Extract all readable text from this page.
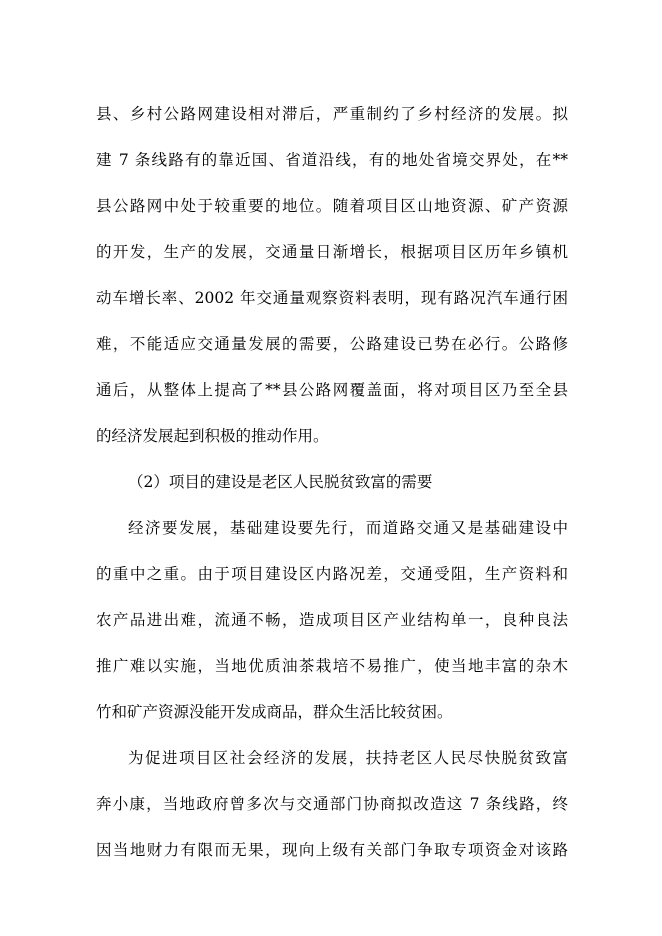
县、乡村公路网建设相对滞后，严重制约了乡村经济的发展。拟
建 7 条线路有的靠近国、省道沿线，有的地处省境交界处，在**
县公路网中处于较重要的地位。随着项目区山地资源、矿产资源
的开发，生产的发展，交通量日渐增长，根据项目区历年乡镇机
动车增长率、2002 年交通量观察资料表明，现有路况汽车通行困
难，不能适应交通量发展的需要，公路建设已势在必行。公路修
通后，从整体上提高了**县公路网覆盖面，将对项目区乃至全县
的经济发展起到积极的推动作用。
（2）项目的建设是老区人民脱贫致富的需要
经济要发展，基础建设要先行，而道路交通又是基础建设中
的重中之重。由于项目建设区内路况差，交通受阻，生产资料和
农产品进出难，流通不畅，造成项目区产业结构单一，良种良法
推广难以实施，当地优质油茶栽培不易推广，使当地丰富的杂木
竹和矿产资源没能开发成商品，群众生活比较贫困。
为促进项目区社会经济的发展，扶持老区人民尽快脱贫致富
奔小康，当地政府曾多次与交通部门协商拟改造这 7 条线路，终
因当地财力有限而无果，现向上级有关部门争取专项资金对该路
